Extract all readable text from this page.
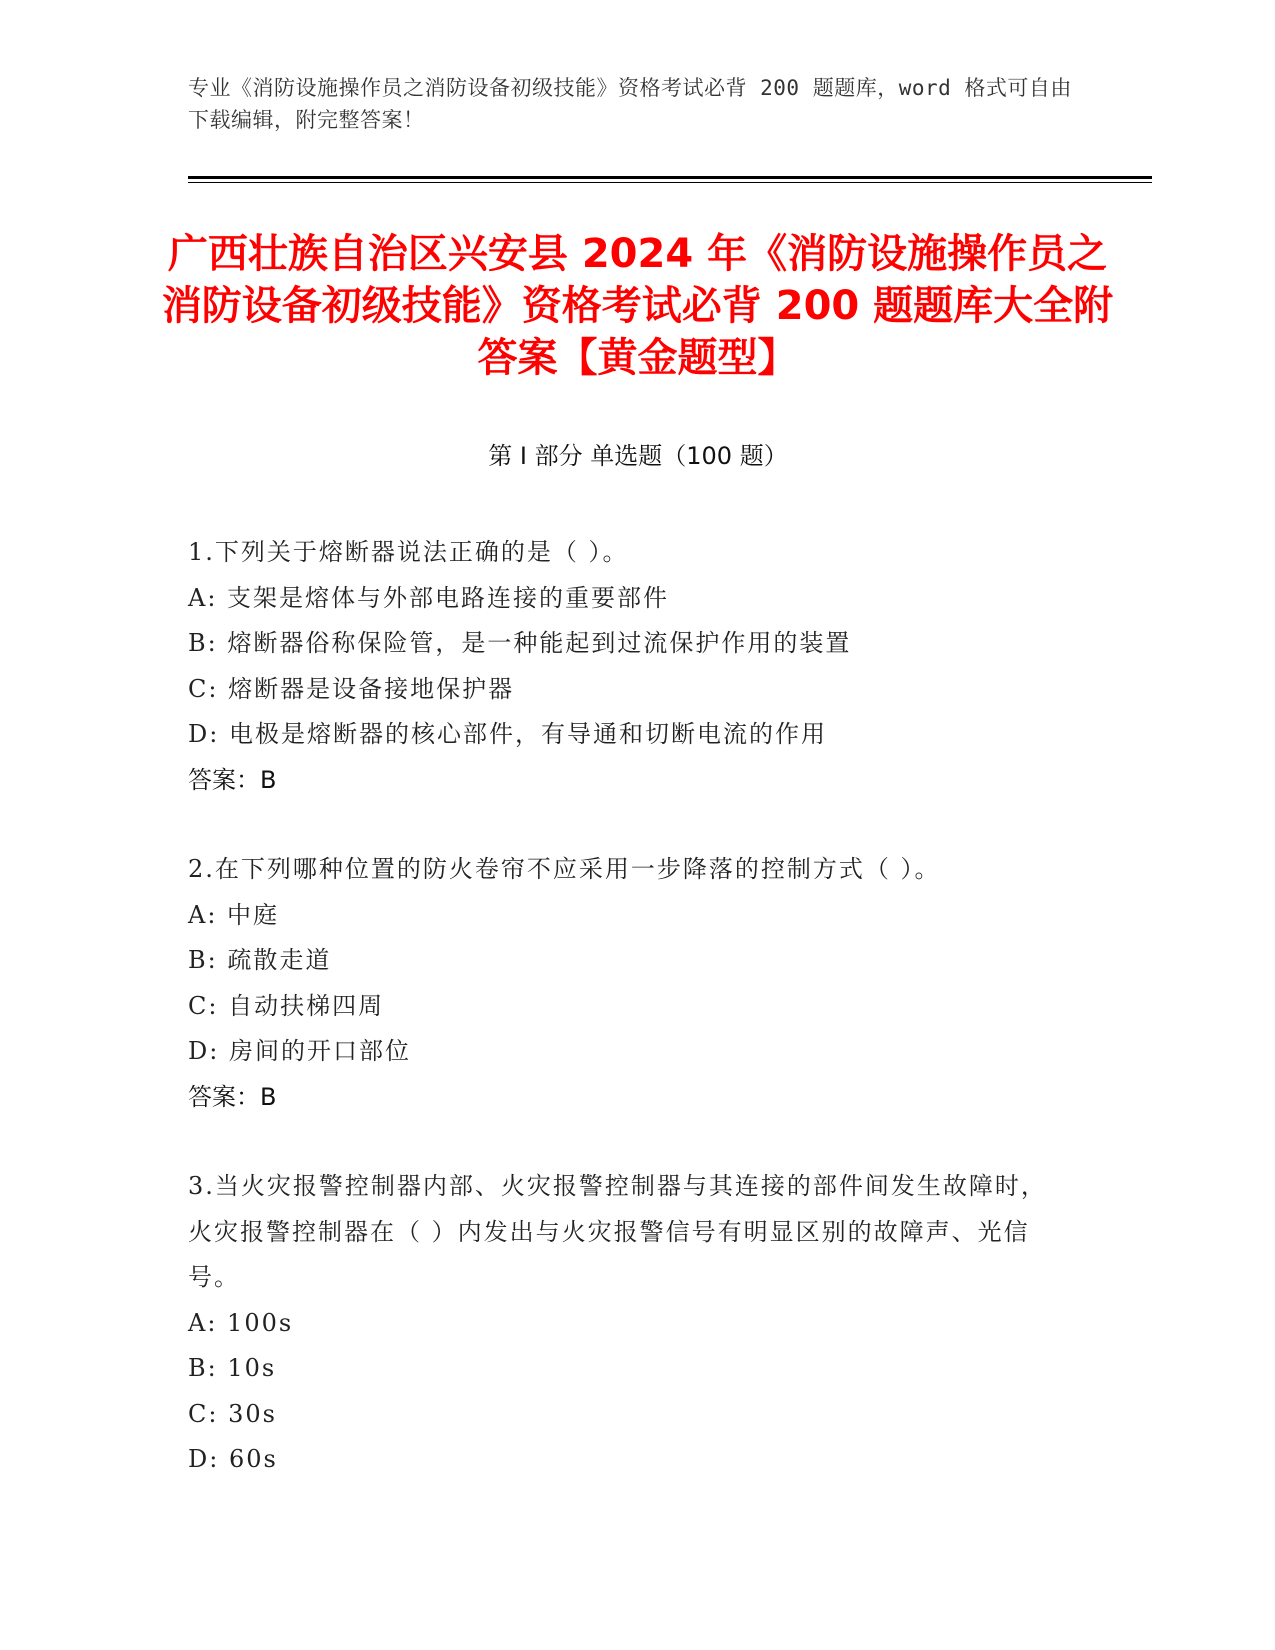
专业《消防设施操作员之消防设备初级技能》资格考试必背 200 题题库，word 格式可自由下载编辑，附完整答案！
广西壮族自治区兴安县 2024 年《消防设施操作员之消防设备初级技能》资格考试必背 200 题题库大全附答案【黄金题型】
第 I 部分 单选题（100 题）
1.下列关于熔断器说法正确的是（ ）。
A: 支架是熔体与外部电路连接的重要部件
B: 熔断器俗称保险管，是一种能起到过流保护作用的装置
C: 熔断器是设备接地保护器
D: 电极是熔断器的核心部件，有导通和切断电流的作用
答案：B
2.在下列哪种位置的防火卷帘不应采用一步降落的控制方式（ ）。
A: 中庭
B: 疏散走道
C: 自动扶梯四周
D: 房间的开口部位
答案：B
3.当火灾报警控制器内部、火灾报警控制器与其连接的部件间发生故障时，火灾报警控制器在（ ）内发出与火灾报警信号有明显区别的故障声、光信号。
A: 100s
B: 10s
C: 30s
D: 60s
